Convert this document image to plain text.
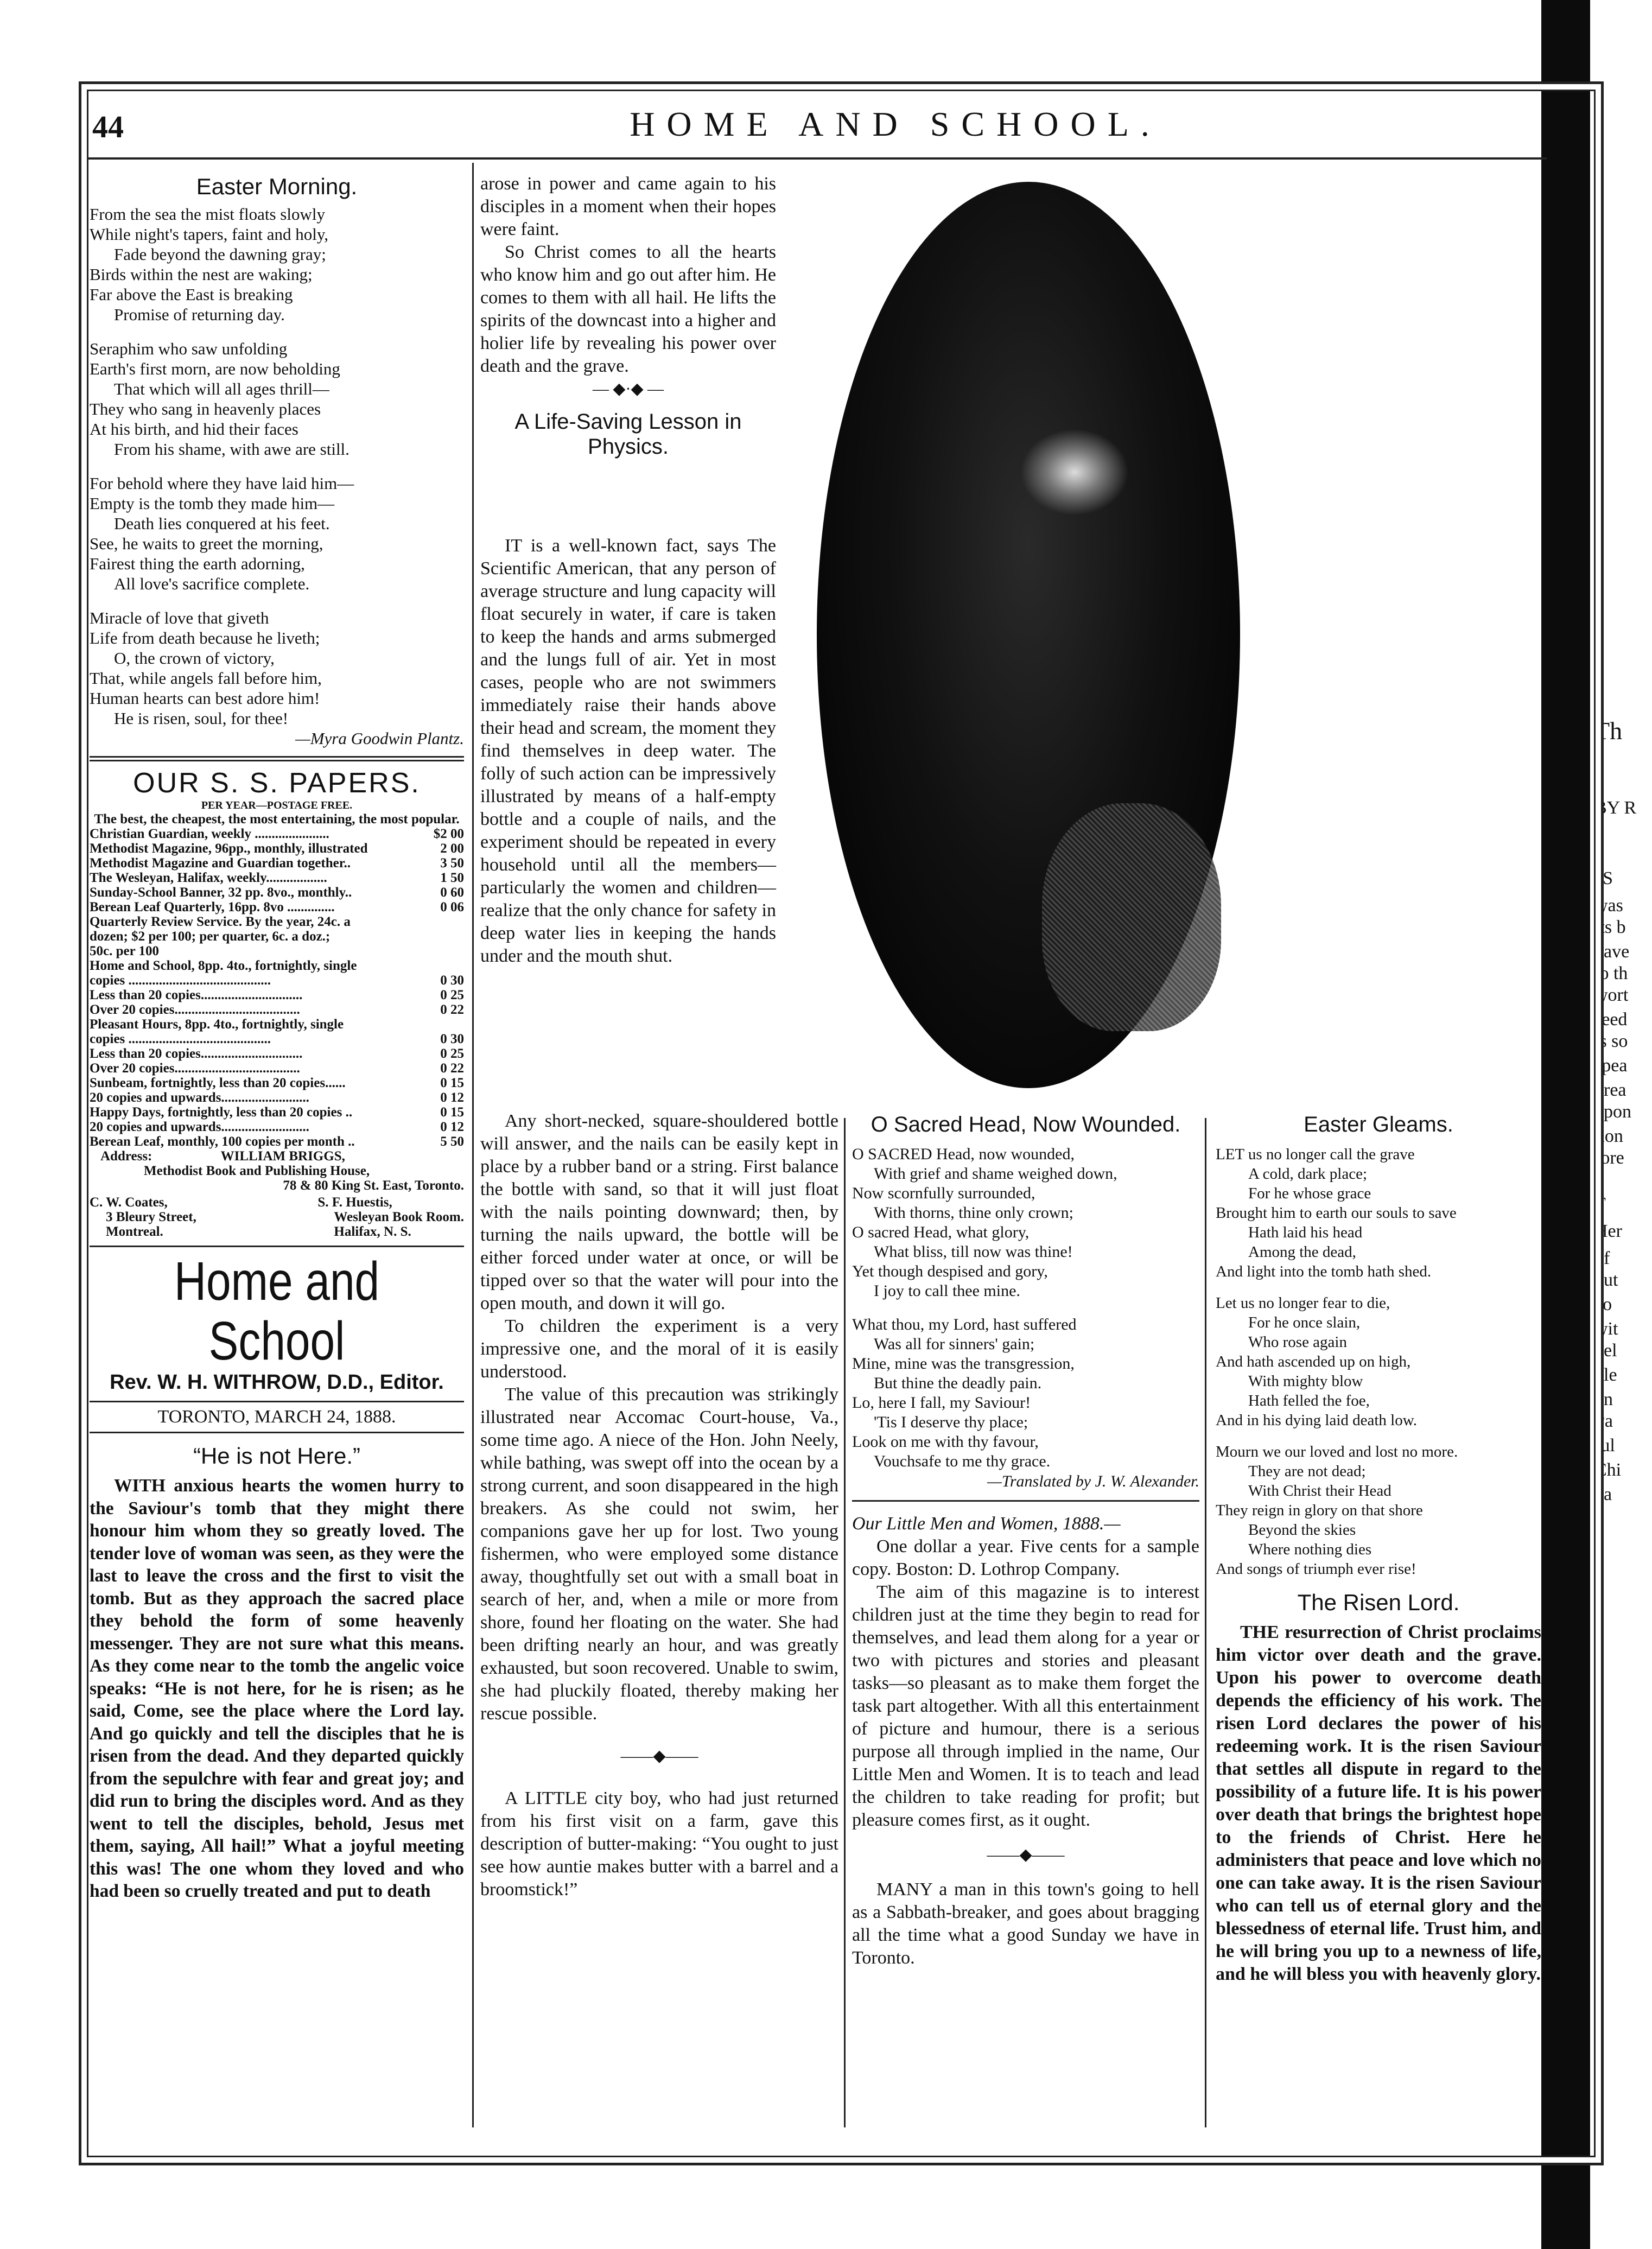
Th
BY R
“S
was
its b
have
to th
wort
seed
is so
spea
grea
upon
tion
fore
T
Her
of
but
co
wit
bel
ble
on
Pa
ful
Chi
ha
44	HOME AND SCHOOL.
Easter Morning.
From the sea the mist floats slowly
While night's tapers, faint and holy,
Fade beyond the dawning gray;
Birds within the nest are waking;
Far above the East is breaking
Promise of returning day.
Seraphim who saw unfolding
Earth's first morn, are now beholding
That which will all ages thrill—
They who sang in heavenly places
At his birth, and hid their faces
From his shame, with awe are still.
For behold where they have laid him—
Empty is the tomb they made him—
Death lies conquered at his feet.
See, he waits to greet the morning,
Fairest thing the earth adorning,
All love's sacrifice complete.
Miracle of love that giveth
Life from death because he liveth;
O, the crown of victory,
That, while angels fall before him,
Human hearts can best adore him!
He is risen, soul, for thee!
—Myra Goodwin Plantz.
OUR S. S. PAPERS.
PER YEAR—POSTAGE FREE.
The best, the cheapest, the most entertaining, the most popular.
Christian Guardian, weekly ......................	$2 00
Methodist Magazine, 96pp., monthly, illustrated	2 00
Methodist Magazine and Guardian together..	3 50
The Wesleyan, Halifax, weekly..................	1 50
Sunday-School Banner, 32 pp. 8vo., monthly..	0 60
Berean Leaf Quarterly, 16pp. 8vo ..............	0 06
Quarterly Review Service. By the year, 24c. a
dozen; $2 per 100; per quarter, 6c. a doz.;
50c. per 100
Home and School, 8pp. 4to., fortnightly, single
copies ..........................................	0 30
Less than 20 copies..............................	0 25
Over 20 copies.....................................	0 22
Pleasant Hours, 8pp. 4to., fortnightly, single
copies ..........................................	0 30
Less than 20 copies..............................	0 25
Over 20 copies.....................................	0 22
Sunbeam, fortnightly, less than 20 copies......	0 15
20 copies and upwards..........................	0 12
Happy Days, fortnightly, less than 20 copies ..	0 15
20 copies and upwards..........................	0 12
Berean Leaf, monthly, 100 copies per month ..	5 50
Address:	WILLIAM BRIGGS,
Methodist Book and Publishing House,
78 & 80 King St. East, Toronto.
C. W. Coates,
3 Bleury Street,
Montreal.
S. F. Huestis,
Wesleyan Book Room.
Halifax, N. S.
Home and School
Rev. W. H. WITHROW, D.D., Editor.
TORONTO, MARCH 24, 1888.
“He is not Here.”

WITH anxious hearts the women hurry to the Saviour's tomb that they might there honour him whom they so greatly loved. The tender love of woman was seen, as they were the last to leave the cross and the first to visit the tomb. But as they approach the sacred place they behold the form of some heavenly messenger. They are not sure what this means. As they come near to the tomb the angelic voice speaks: “He is not here, for he is risen; as he said, Come, see the place where the Lord lay. And go quickly and tell the disciples that he is risen from the dead. And they departed quickly from the sepulchre with fear and great joy; and did run to bring the disciples word. And as they went to tell the disciples, behold, Jesus met them, saying, All hail!” What a joyful meeting this was! The one whom they loved and who had been so cruelly treated and put to death

arose in power and came again to his disciples in a moment when their hopes were faint.

So Christ comes to all the hearts who know him and go out after him. He comes to them with all hail. He lifts the spirits of the downcast into a higher and holier life by revealing his power over death and the grave.

— ◆·◆ —
A Life-Saving Lesson in Physics.

IT is a well-known fact, says The Scientific American, that any person of average structure and lung capacity will float securely in water, if care is taken to keep the hands and arms submerged and the lungs full of air. Yet in most cases, people who are not swimmers immediately raise their hands above their head and scream, the moment they find themselves in deep water. The folly of such action can be impressively illustrated by means of a half-empty bottle and a couple of nails, and the experiment should be repeated in every household until all the members—particularly the women and children—realize that the only chance for safety in deep water lies in keeping the hands under and the mouth shut.

Any short-necked, square-shouldered bottle will answer, and the nails can be easily kept in place by a rubber band or a string. First balance the bottle with sand, so that it will just float with the nails pointing downward; then, by turning the nails upward, the bottle will be either forced under water at once, or will be tipped over so that the water will pour into the open mouth, and down it will go.

To children the experiment is a very impressive one, and the moral of it is easily understood.

The value of this precaution was strikingly illustrated near Accomac Court-house, Va., some time ago. A niece of the Hon. John Neely, while bathing, was swept off into the ocean by a strong current, and soon disappeared in the high breakers. As she could not swim, her companions gave her up for lost. Two young fishermen, who were employed some distance away, thoughtfully set out with a small boat in search of her, and, when a mile or more from shore, found her floating on the water. She had been drifting nearly an hour, and was greatly exhausted, but soon recovered. Unable to swim, she had pluckily floated, thereby making her rescue possible.

——◆——

A LITTLE city boy, who had just returned from his first visit on a farm, gave this description of butter-making: “You ought to just see how auntie makes butter with a barrel and a broomstick!”

O Sacred Head, Now Wounded.
O SACRED Head, now wounded,
With grief and shame weighed down,
Now scornfully surrounded,
With thorns, thine only crown;
O sacred Head, what glory,
What bliss, till now was thine!
Yet though despised and gory,
I joy to call thee mine.
What thou, my Lord, hast suffered
Was all for sinners' gain;
Mine, mine was the transgression,
But thine the deadly pain.
Lo, here I fall, my Saviour!
'Tis I deserve thy place;
Look on me with thy favour,
Vouchsafe to me thy grace.
—Translated by J. W. Alexander.

Our Little Men and Women, 1888.—

One dollar a year. Five cents for a sample copy. Boston: D. Lothrop Company.

The aim of this magazine is to interest children just at the time they begin to read for themselves, and lead them along for a year or two with pictures and stories and pleasant tasks—so pleasant as to make them forget the task part altogether. With all this entertainment of picture and humour, there is a serious purpose all through implied in the name, Our Little Men and Women. It is to teach and lead the children to take reading for profit; but pleasure comes first, as it ought.

——◆——

MANY a man in this town's going to hell as a Sabbath-breaker, and goes about bragging all the time what a good Sunday we have in Toronto.

Easter Gleams.
LET us no longer call the grave
A cold, dark place;
For he whose grace
Brought him to earth our souls to save
Hath laid his head
Among the dead,
And light into the tomb hath shed.
Let us no longer fear to die,
For he once slain,
Who rose again
And hath ascended up on high,
With mighty blow
Hath felled the foe,
And in his dying laid death low.
Mourn we our loved and lost no more.
They are not dead;
With Christ their Head
They reign in glory on that shore
Beyond the skies
Where nothing dies
And songs of triumph ever rise!
The Risen Lord.

THE resurrection of Christ proclaims him victor over death and the grave. Upon his power to overcome death depends the efficiency of his work. The risen Lord declares the power of his redeeming work. It is the risen Saviour that settles all dispute in regard to the possibility of a future life. It is his power over death that brings the brightest hope to the friends of Christ. Here he administers that peace and love which no one can take away. It is the risen Saviour who can tell us of eternal glory and the blessedness of eternal life. Trust him, and he will bring you up to a newness of life, and he will bless you with heavenly glory.
